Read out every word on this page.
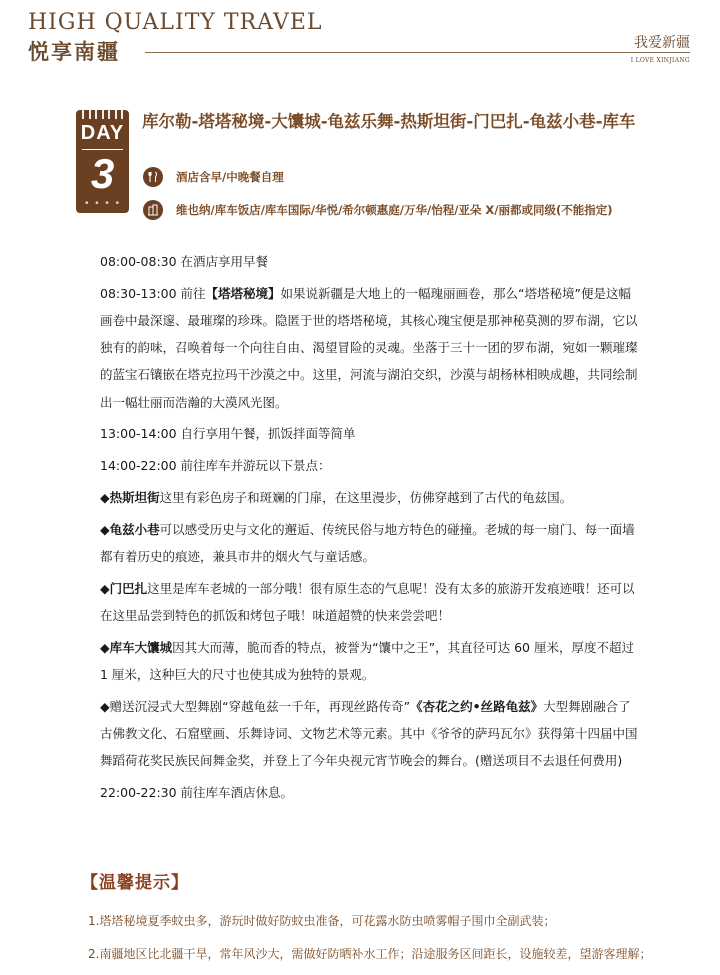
HIGH QUALITY TRAVEL
悦享南疆	我爱新疆
I LOVE XINJIANG
DAY
3
• • • •
库尔勒-塔塔秘境-大馕城-龟兹乐舞-热斯坦街-门巴扎-龟兹小巷-库车
酒店含早/中晚餐自理
维也纳/库车饭店/库车国际/华悦/希尔顿惠庭/万华/怡程/亚朵 X/丽都或同级(不能指定)

08:00-08:30 在酒店享用早餐

08:30-13:00 前往【塔塔秘境】如果说新疆是大地上的一幅瑰丽画卷，那么“塔塔秘境”便是这幅画卷中最深邃、最璀璨的珍珠。隐匿于世的塔塔秘境，其核心瑰宝便是那神秘莫测的罗布湖，它以独有的韵味，召唤着每一个向往自由、渴望冒险的灵魂。坐落于三十一团的罗布湖，宛如一颗璀璨的蓝宝石镶嵌在塔克拉玛干沙漠之中。这里，河流与湖泊交织，沙漠与胡杨林相映成趣，共同绘制出一幅壮丽而浩瀚的大漠风光图。

13:00-14:00 自行享用午餐，抓饭拌面等简单

14:00-22:00 前往库车并游玩以下景点：

◆热斯坦街这里有彩色房子和斑斓的门扉，在这里漫步，仿佛穿越到了古代的龟兹国。

◆龟兹小巷可以感受历史与文化的邂逅、传统民俗与地方特色的碰撞。老城的每一扇门、每一面墙都有着历史的痕迹，兼具市井的烟火气与童话感。

◆门巴扎这里是库车老城的一部分哦！很有原生态的气息呢！没有太多的旅游开发痕迹哦！还可以在这里品尝到特色的抓饭和烤包子哦！味道超赞的快来尝尝吧！

◆库车大馕城因其大而薄，脆而香的特点，被誉为“馕中之王”，其直径可达 60 厘米，厚度不超过 1 厘米，这种巨大的尺寸也使其成为独特的景观。

◆赠送沉浸式大型舞剧“穿越龟兹一千年，再现丝路传奇”《杏花之约•丝路龟兹》大型舞剧融合了古佛教文化、石窟壁画、乐舞诗词、文物艺术等元素。其中《爷爷的萨玛瓦尔》获得第十四届中国舞蹈荷花奖民族民间舞金奖，并登上了今年央视元宵节晚会的舞台。(赠送项目不去退任何费用)

22:00-22:30 前往库车酒店休息。

【温馨提示】

1.塔塔秘境夏季蚊虫多，游玩时做好防蚊虫准备，可花露水防虫喷雾帽子围巾全副武装；

2.南疆地区比北疆干旱，常年风沙大，需做好防晒补水工作；沿途服务区间距长，设施较差，望游客理解；
